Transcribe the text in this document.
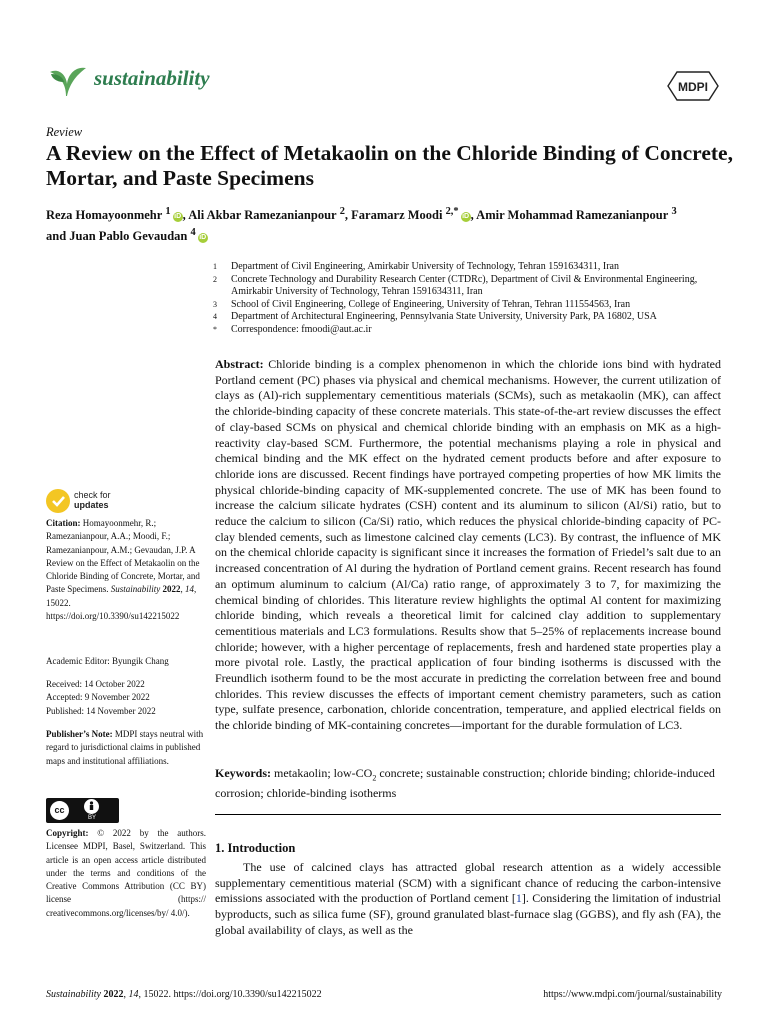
sustainability	MDPI
Review
A Review on the Effect of Metakaolin on the Chloride Binding of Concrete, Mortar, and Paste Specimens
Reza Homayoonmehr $^1$ iD , Ali Akbar Ramezanianpour $^2$, Faramarz Moodi $^{2,*}$ iD , Amir Mohammad Ramezanianpour $^3$
and Juan Pablo Gevaudan $^4$ iD
1	Department of Civil Engineering, Amirkabir University of Technology, Tehran 1591634311, Iran
2	Concrete Technology and Durability Research Center (CTDRc), Department of Civil & Environmental Engineering, Amirkabir University of Technology, Tehran 1591634311, Iran
3	School of Civil Engineering, College of Engineering, University of Tehran, Tehran 111554563, Iran
4	Department of Architectural Engineering, Pennsylvania State University, University Park, PA 16802, USA
*	Correspondence: fmoodi@aut.ac.ir
Abstract: Chloride binding is a complex phenomenon in which the chloride ions bind with hydrated Portland cement (PC) phases via physical and chemical mechanisms. However, the current utilization of clays as (Al)-rich supplementary cementitious materials (SCMs), such as metakaolin (MK), can affect the chloride-binding capacity of these concrete materials. This state-of-the-art review discusses the effect of clay-based SCMs on physical and chemical chloride binding with an emphasis on MK as a high-reactivity clay-based SCM. Furthermore, the potential mechanisms playing a role in physical and chemical binding and the MK effect on the hydrated cement products before and after exposure to chloride ions are discussed. Recent findings have portrayed competing properties of how MK limits the physical chloride-binding capacity of MK-supplemented concrete. The use of MK has been found to increase the calcium silicate hydrates (CSH) content and its aluminum to silicon (Al/Si) ratio, but to reduce the calcium to silicon (Ca/Si) ratio, which reduces the physical chloride-binding capacity of PC-clay blended cements, such as limestone calcined clay cements (LC3). By contrast, the influence of MK on the chemical chloride capacity is significant since it increases the formation of Friedel’s salt due to an increased concentration of Al during the hydration of Portland cement grains. Recent research has found an optimum aluminum to calcium (Al/Ca) ratio range, of approximately 3 to 7, for maximizing the chemical binding of chlorides. This literature review highlights the optimal Al content for maximizing chloride binding, which reveals a theoretical limit for calcined clay addition to supplementary cementitious materials and LC3 formulations. Results show that 5–25% of replacements increase bound chloride; however, with a higher percentage of replacements, fresh and hardened state properties play a more pivotal role. Lastly, the practical application of four binding isotherms is discussed with the Freundlich isotherm found to be the most accurate in predicting the correlation between free and bound chlorides. This review discusses the effects of important cement chemistry parameters, such as cation type, sulfate presence, carbonation, chloride concentration, temperature, and applied electrical fields on the chloride binding of MK-containing concretes—important for the durable formulation of LC3.
Keywords: metakaolin; low-$CO_2$ concrete; sustainable construction; chloride binding; chloride-induced corrosion; chloride-binding isotherms
1. Introduction
The use of calcined clays has attracted global research attention as a widely accessible supplementary cementitious material (SCM) with a significant chance of reducing the carbon-intensive emissions associated with the production of Portland cement [1]. Considering the limitation of industrial byproducts, such as silica fume (SF), ground granulated blast-furnace slag (GGBS), and fly ash (FA), the global availability of clays, as well as the
check for
updates
Citation: Homayoonmehr, R.; Ramezanianpour, A.A.; Moodi, F.; Ramezanianpour, A.M.; Gevaudan, J.P. A Review on the Effect of Metakaolin on the Chloride Binding of Concrete, Mortar, and Paste Specimens. Sustainability 2022, 14, 15022. https://doi.org/10.3390/su142215022
Academic Editor: Byungik Chang
Received: 14 October 2022
Accepted: 9 November 2022
Published: 14 November 2022
Publisher’s Note: MDPI stays neutral with regard to jurisdictional claims in published maps and institutional affiliations.
cc
BY
Copyright: © 2022 by the authors. Licensee MDPI, Basel, Switzerland. This article is an open access article distributed under the terms and conditions of the Creative Commons Attribution (CC BY) license (https:// creativecommons.org/licenses/by/ 4.0/).
Sustainability 2022, 14, 15022. https://doi.org/10.3390/su142215022	https://www.mdpi.com/journal/sustainability
